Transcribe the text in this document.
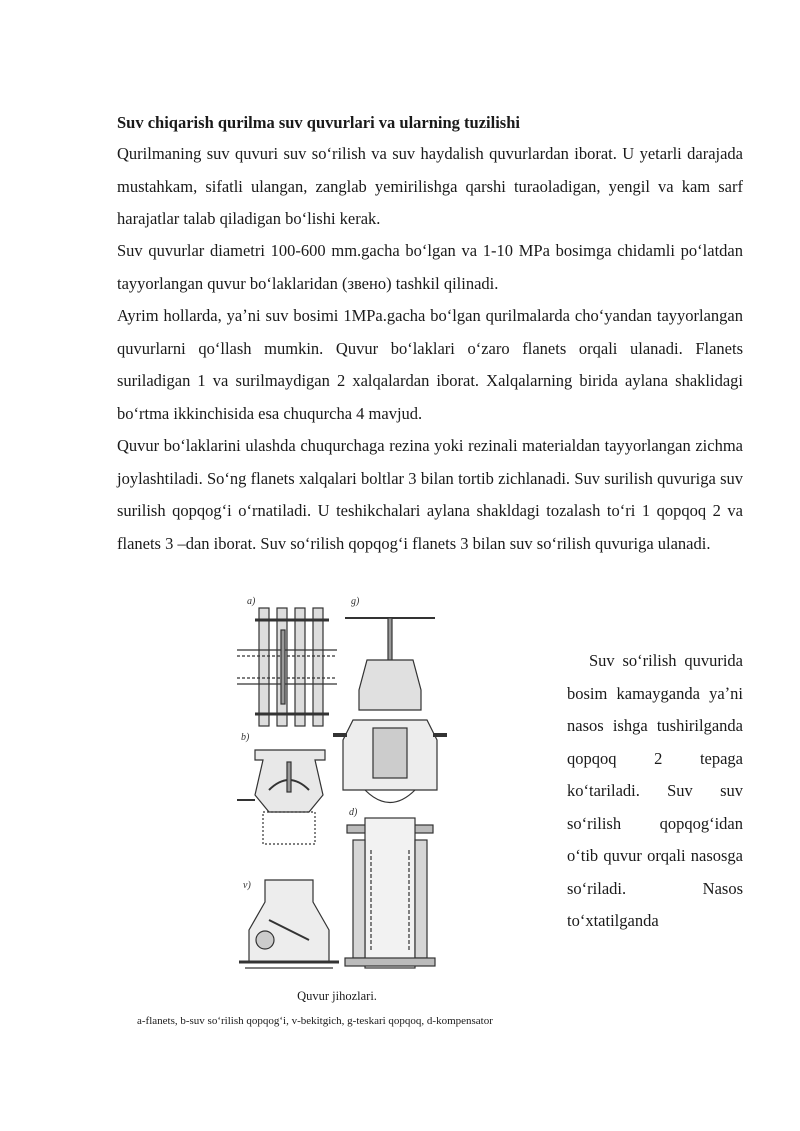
Suv chiqarish qurilma suv quvurlari va ularning tuzilishi

Qurilmaning suv quvuri suv soʻrilish va suv haydalish quvurlardan iborat. U yetarli darajada mustahkam, sifatli ulangan, zanglab yemirilishga qarshi turaoladigan, yengil va kam sarf harajatlar talab qiladigan boʻlishi kerak.

Suv quvurlar diametri 100-600 mm.gacha boʻlgan va 1-10 MPa bosimga chidamli poʻlatdan tayyorlangan quvur boʻlaklaridan (звено) tashkil qilinadi.

Ayrim hollarda, yaʼni suv bosimi 1MPa.gacha boʻlgan qurilmalarda choʻyandan tayyorlangan quvurlarni qoʻllash mumkin. Quvur boʻlaklari oʻzaro flanets orqali ulanadi. Flanets suriladigan 1 va surilmaydigan 2 xalqalardan iborat. Xalqalarning birida aylana shaklidagi boʻrtma ikkinchisida esa chuqurcha 4 mavjud.

Quvur boʻlaklarini ulashda chuqurchaga rezina yoki rezinali materialdan tayyorlangan zichma joylashtiladi. Soʻng flanets xalqalari boltlar 3 bilan tortib zichlanadi. Suv surilish quvuriga suv surilish qopqogʻi oʻrnatiladi. U teshikchalari aylana shakldagi tozalash toʻri 1 qopqoq 2 va flanets 3 –dan iborat. Suv soʻrilish qopqogʻi flanets 3 bilan suv soʻrilish quvuriga ulanadi.

a)
b)
v)
g)
d)

Quvur jihozlari.

a-flanets, b-suv soʻrilish qopqogʻi, v-bekitgich, g-teskari qopqoq, d-kompensator

Suv soʻrilish quvurida bosim kamayganda yaʼni nasos ishga tushirilganda qopqoq 2 tepaga koʻtariladi. Suv suv soʻrilish qopqogʻidan oʻtib quvur orqali nasosga soʻriladi. Nasos toʻxtatilganda
